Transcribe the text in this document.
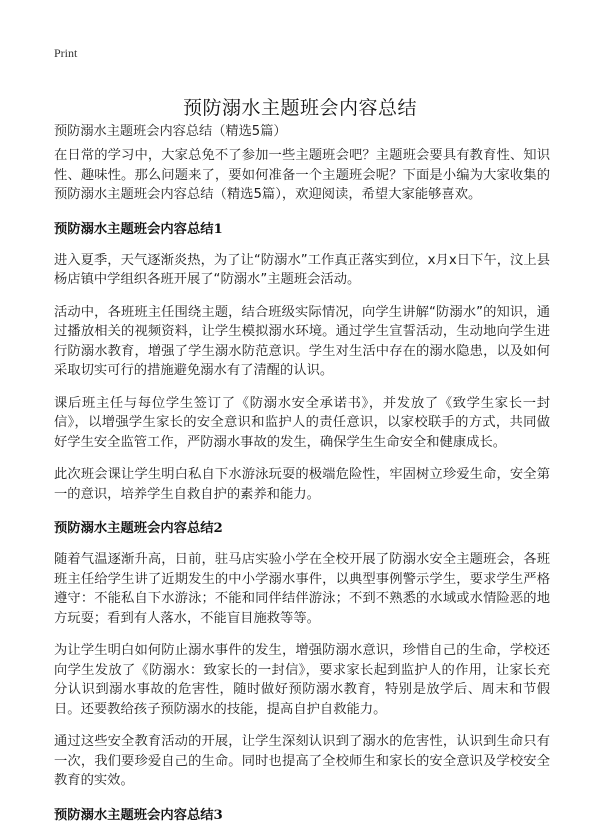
Print
预防溺水主题班会内容总结
预防溺水主题班会内容总结（精选5篇）

在日常的学习中，大家总免不了参加一些主题班会吧？主题班会要具有教育性、知识性、趣味性。那么问题来了，要如何准备一个主题班会呢？下面是小编为大家收集的预防溺水主题班会内容总结（精选5篇），欢迎阅读，希望大家能够喜欢。

预防溺水主题班会内容总结1

进入夏季，天气逐渐炎热，为了让“防溺水”工作真正落实到位，x月x日下午，汶上县杨店镇中学组织各班开展了“防溺水”主题班会活动。

活动中，各班班主任围绕主题，结合班级实际情况，向学生讲解“防溺水”的知识，通过播放相关的视频资料，让学生模拟溺水环境。通过学生宣誓活动，生动地向学生进行防溺水教育，增强了学生溺水防范意识。学生对生活中存在的溺水隐患，以及如何采取切实可行的措施避免溺水有了清醒的认识。

课后班主任与每位学生签订了《防溺水安全承诺书》，并发放了《致学生家长一封信》，以增强学生家长的安全意识和监护人的责任意识，以家校联手的方式，共同做好学生安全监管工作，严防溺水事故的发生，确保学生生命安全和健康成长。

此次班会课让学生明白私自下水游泳玩耍的极端危险性，牢固树立珍爱生命，安全第一的意识，培养学生自救自护的素养和能力。

预防溺水主题班会内容总结2

随着气温逐渐升高，日前，驻马店实验小学在全校开展了防溺水安全主题班会，各班班主任给学生讲了近期发生的中小学溺水事件，以典型事例警示学生，要求学生严格遵守：不能私自下水游泳；不能和同伴结伴游泳；不到不熟悉的水域或水情险恶的地方玩耍；看到有人落水，不能盲目施救等等。

为让学生明白如何防止溺水事件的发生，增强防溺水意识，珍惜自己的生命，学校还向学生发放了《防溺水：致家长的一封信》，要求家长起到监护人的作用，让家长充分认识到溺水事故的危害性，随时做好预防溺水教育，特别是放学后、周末和节假日。还要教给孩子预防溺水的技能，提高自护自救能力。

通过这些安全教育活动的开展，让学生深刻认识到了溺水的危害性，认识到生命只有一次，我们要珍爱自己的生命。同时也提高了全校师生和家长的安全意识及学校安全教育的实效。

预防溺水主题班会内容总结3
